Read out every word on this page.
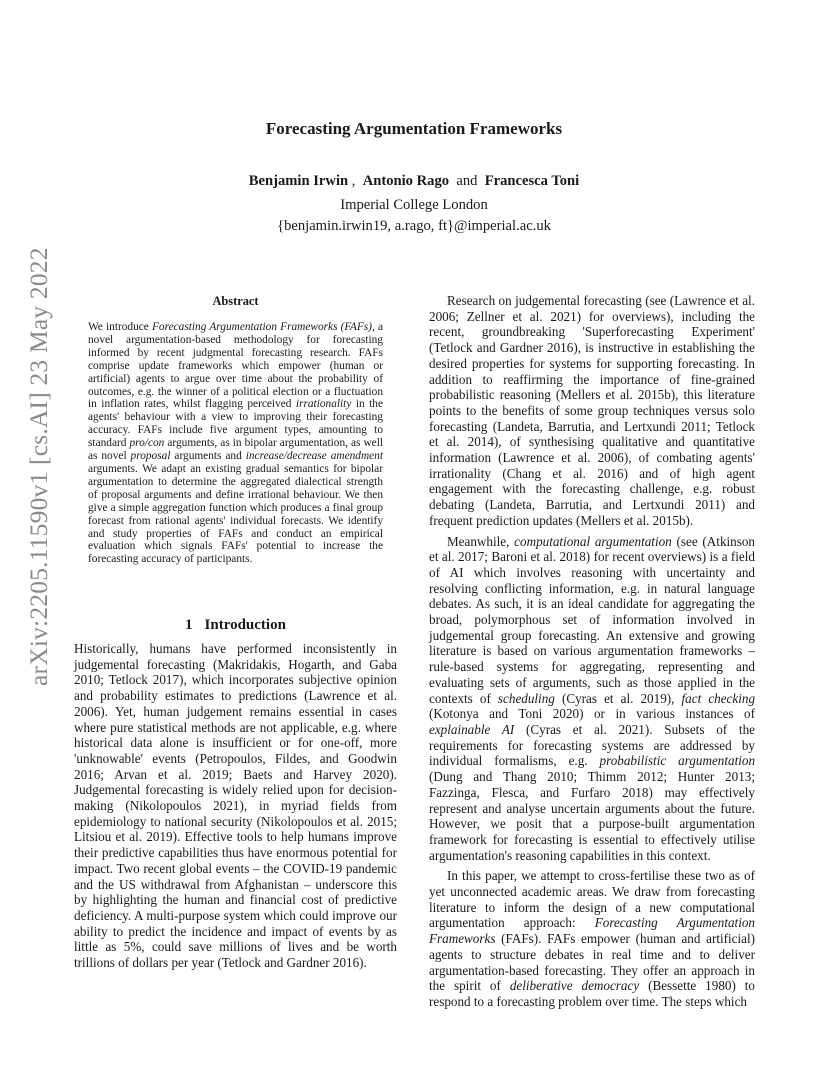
arXiv:2205.11590v1 [cs.AI] 23 May 2022
Forecasting Argumentation Frameworks
Benjamin Irwin ,  Antonio Rago  and  Francesca Toni
Imperial College London
{benjamin.irwin19, a.rago, ft}@imperial.ac.uk
Abstract
We introduce Forecasting Argumentation Frameworks (FAFs), a novel argumentation-based methodology for forecasting informed by recent judgmental forecasting research. FAFs comprise update frameworks which empower (human or artificial) agents to argue over time about the probability of outcomes, e.g. the winner of a political election or a fluctuation in inflation rates, whilst flagging perceived irrationality in the agents' behaviour with a view to improving their forecasting accuracy. FAFs include five argument types, amounting to standard pro/con arguments, as in bipolar argumentation, as well as novel proposal arguments and increase/decrease amendment arguments. We adapt an existing gradual semantics for bipolar argumentation to determine the aggregated dialectical strength of proposal arguments and define irrational behaviour. We then give a simple aggregation function which produces a final group forecast from rational agents' individual forecasts. We identify and study properties of FAFs and conduct an empirical evaluation which signals FAFs' potential to increase the forecasting accuracy of participants.
1 Introduction

Historically, humans have performed inconsistently in judgemental forecasting (Makridakis, Hogarth, and Gaba 2010; Tetlock 2017), which incorporates subjective opinion and probability estimates to predictions (Lawrence et al. 2006). Yet, human judgement remains essential in cases where pure statistical methods are not applicable, e.g. where historical data alone is insufficient or for one-off, more 'unknowable' events (Petropoulos, Fildes, and Goodwin 2016; Arvan et al. 2019; Baets and Harvey 2020). Judgemental forecasting is widely relied upon for decision-making (Nikolopoulos 2021), in myriad fields from epidemiology to national security (Nikolopoulos et al. 2015; Litsiou et al. 2019). Effective tools to help humans improve their predictive capabilities thus have enormous potential for impact. Two recent global events – the COVID-19 pandemic and the US withdrawal from Afghanistan – underscore this by highlighting the human and financial cost of predictive deficiency. A multi-purpose system which could improve our ability to predict the incidence and impact of events by as little as 5%, could save millions of lives and be worth trillions of dollars per year (Tetlock and Gardner 2016).

Research on judgemental forecasting (see (Lawrence et al. 2006; Zellner et al. 2021) for overviews), including the recent, groundbreaking 'Superforecasting Experiment' (Tetlock and Gardner 2016), is instructive in establishing the desired properties for systems for supporting forecasting. In addition to reaffirming the importance of fine-grained probabilistic reasoning (Mellers et al. 2015b), this literature points to the benefits of some group techniques versus solo forecasting (Landeta, Barrutia, and Lertxundi 2011; Tetlock et al. 2014), of synthesising qualitative and quantitative information (Lawrence et al. 2006), of combating agents' irrationality (Chang et al. 2016) and of high agent engagement with the forecasting challenge, e.g. robust debating (Landeta, Barrutia, and Lertxundi 2011) and frequent prediction updates (Mellers et al. 2015b).

Meanwhile, computational argumentation (see (Atkinson et al. 2017; Baroni et al. 2018) for recent overviews) is a field of AI which involves reasoning with uncertainty and resolving conflicting information, e.g. in natural language debates. As such, it is an ideal candidate for aggregating the broad, polymorphous set of information involved in judgemental group forecasting. An extensive and growing literature is based on various argumentation frameworks – rule-based systems for aggregating, representing and evaluating sets of arguments, such as those applied in the contexts of scheduling (Cyras et al. 2019), fact checking (Kotonya and Toni 2020) or in various instances of explainable AI (Cyras et al. 2021). Subsets of the requirements for forecasting systems are addressed by individual formalisms, e.g. probabilistic argumentation (Dung and Thang 2010; Thimm 2012; Hunter 2013; Fazzinga, Flesca, and Furfaro 2018) may effectively represent and analyse uncertain arguments about the future. However, we posit that a purpose-built argumentation framework for forecasting is essential to effectively utilise argumentation's reasoning capabilities in this context.

In this paper, we attempt to cross-fertilise these two as of yet unconnected academic areas. We draw from forecasting literature to inform the design of a new computational argumentation approach: Forecasting Argumentation Frameworks (FAFs). FAFs empower (human and artificial) agents to structure debates in real time and to deliver argumentation-based forecasting. They offer an approach in the spirit of deliberative democracy (Bessette 1980) to respond to a forecasting problem over time. The steps which
